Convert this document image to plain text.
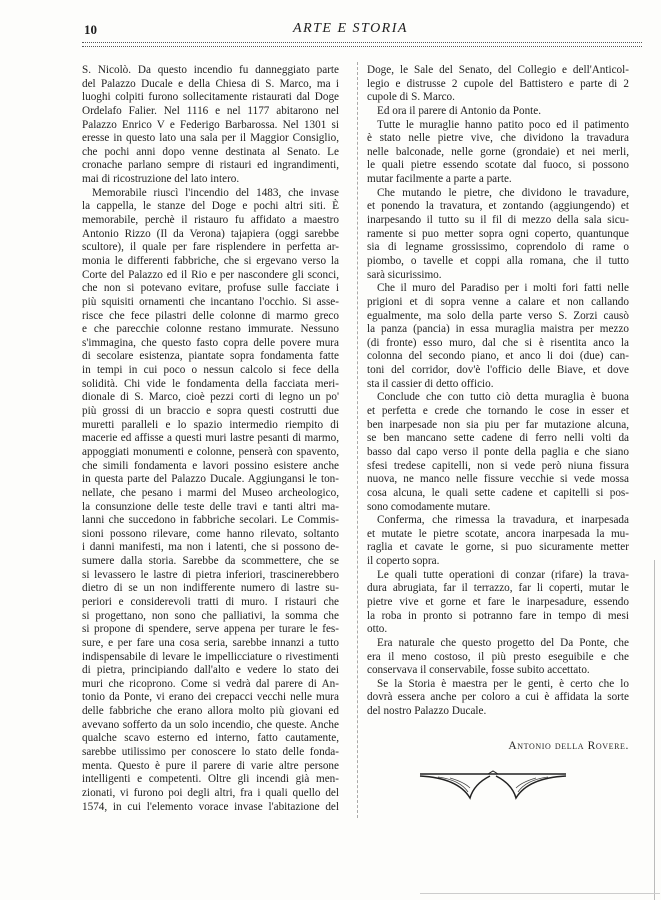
10	ARTE E STORIA
S. Nicolò. Da questo incendio fu danneggiato parte
del Palazzo Ducale e della Chiesa di S. Marco, ma i
luoghi colpiti furono sollecitamente ristaurati dal Doge
Ordelafo Falier. Nel 1116 e nel 1177 abitarono nel
Palazzo Enrico V e Federigo Barbarossa. Nel 1301 si
eresse in questo lato una sala per il Maggior Consiglio,
che pochi anni dopo venne destinata al Senato. Le
cronache parlano sempre di ristauri ed ingrandimenti,
mai di ricostruzione del lato intero.
Memorabile riuscì l'incendio del 1483, che invase
la cappella, le stanze del Doge e pochi altri siti. È
memorabile, perchè il ristauro fu affidato a maestro
Antonio Rizzo (Il da Verona) tajapiera (oggi sarebbe
scultore), il quale per fare risplendere in perfetta ar-
monia le differenti fabbriche, che si ergevano verso la
Corte del Palazzo ed il Rio e per nascondere gli sconci,
che non si potevano evitare, profuse sulle facciate i
più squisiti ornamenti che incantano l'occhio. Si asse-
risce che fece pilastri delle colonne di marmo greco
e che parecchie colonne restano immurate. Nessuno
s'immagina, che questo fasto copra delle povere mura
di secolare esistenza, piantate sopra fondamenta fatte
in tempi in cui poco o nessun calcolo si fece della
solidità. Chi vide le fondamenta della facciata meri-
dionale di S. Marco, cioè pezzi corti di legno un po'
più grossi di un braccio e sopra questi costrutti due
muretti paralleli e lo spazio intermedio riempito di
macerie ed affisse a questi muri lastre pesanti di marmo,
appoggiati monumenti e colonne, penserà con spavento,
che simili fondamenta e lavori possino esistere anche
in questa parte del Palazzo Ducale. Aggiungansi le ton-
nellate, che pesano i marmi del Museo archeologico,
la consunzione delle teste delle travi e tanti altri ma-
lanni che succedono in fabbriche secolari. Le Commis-
sioni possono rilevare, come hanno rilevato, soltanto
i danni manifesti, ma non i latenti, che si possono de-
sumere dalla storia. Sarebbe da scommettere, che se
si levassero le lastre di pietra inferiori, trascinerebbero
dietro di se un non indifferente numero di lastre su-
periori e considerevoli tratti di muro. I ristauri che
si progettano, non sono che palliativi, la somma che
si propone di spendere, serve appena per turare le fes-
sure, e per fare una cosa seria, sarebbe innanzi a tutto
indispensabile di levare le impellicciature o rivestimenti
di pietra, principiando dall'alto e vedere lo stato dei
muri che ricoprono. Come si vedrà dal parere di An-
tonio da Ponte, vi erano dei crepacci vecchi nelle mura
delle fabbriche che erano allora molto più giovani ed
avevano sofferto da un solo incendio, che queste. Anche
qualche scavo esterno ed interno, fatto cautamente,
sarebbe utilissimo per conoscere lo stato delle fonda-
menta. Questo è pure il parere di varie altre persone
intelligenti e competenti. Oltre gli incendi già men-
zionati, vi furono poi degli altri, fra i quali quello del
1574, in cui l'elemento vorace invase l'abitazione del
Doge, le Sale del Senato, del Collegio e dell'Anticol-
legio e distrusse 2 cupole del Battistero e parte di 2
cupole di S. Marco.
Ed ora il parere di Antonio da Ponte.
Tutte le muraglie hanno patito poco ed il patimento
è stato nelle pietre vive, che dividono la travadura
nelle balconade, nelle gorne (grondaie) et nei merli,
le quali pietre essendo scotate dal fuoco, si possono
mutar facilmente a parte a parte.
Che mutando le pietre, che dividono le travadure,
et ponendo la travatura, et zontando (aggiungendo) et
inarpesando il tutto su il fil di mezzo della sala sicu-
ramente si puo metter sopra ogni coperto, quantunque
sia di legname grossissimo, coprendolo di rame o
piombo, o tavelle et coppi alla romana, che il tutto
sarà sicurissimo.
Che il muro del Paradiso per i molti fori fatti nelle
prigioni et di sopra venne a calare et non callando
egualmente, ma solo della parte verso S. Zorzi causò
la panza (pancia) in essa muraglia maistra per mezzo
(di fronte) esso muro, dal che si è risentita anco la
colonna del secondo piano, et anco li doi (due) can-
toni del corridor, dov'è l'officio delle Biave, et dove
sta il cassier di detto officio.
Conclude che con tutto ciò detta muraglia è buona
et perfetta e crede che tornando le cose in esser et
ben inarpesade non sia piu per far mutazione alcuna,
se ben mancano sette cadene di ferro nelli volti da
basso dal capo verso il ponte della paglia e che siano
sfesi tredese capitelli, non si vede però niuna fissura
nuova, ne manco nelle fissure vecchie si vede mossa
cosa alcuna, le quali sette cadene et capitelli si pos-
sono comodamente mutare.
Conferma, che rimessa la travadura, et inarpesada
et mutate le pietre scotate, ancora inarpesada la mu-
raglia et cavate le gorne, si puo sicuramente metter
il coperto sopra.
Le quali tutte operationi di conzar (rifare) la trava-
dura abrugiata, far il terrazzo, far li coperti, mutar le
pietre vive et gorne et fare le inarpesadure, essendo
la roba in pronto si potranno fare in tempo di mesi
otto.
Era naturale che questo progetto del Da Ponte, che
era il meno costoso, il più presto eseguibile e che
conservava il conservabile, fosse subito accettato.
Se la Storia è maestra per le genti, è certo che lo
dovrà essera anche per coloro a cui è affidata la sorte
del nostro Palazzo Ducale.
Antonio della Rovere.
